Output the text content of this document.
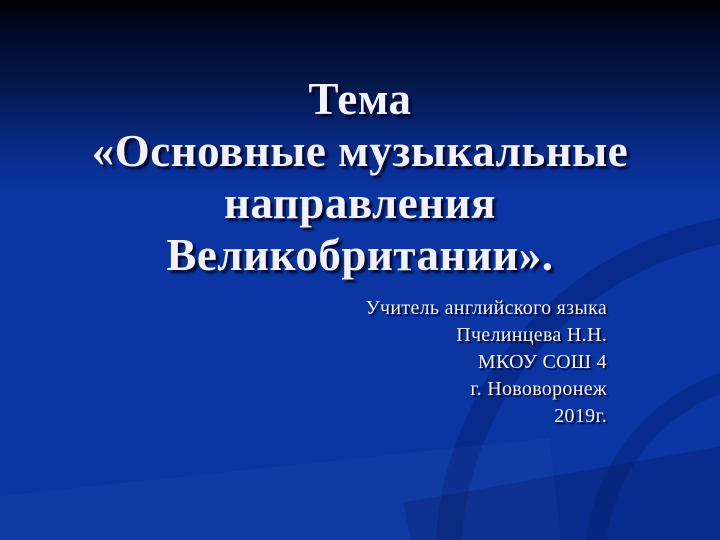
Тема
«Основные музыкальные
направления
Великобритании».
Учитель английского языка
Пчелинцева Н.Н.
МКОУ СОШ 4
г. Нововоронеж
2019г.
